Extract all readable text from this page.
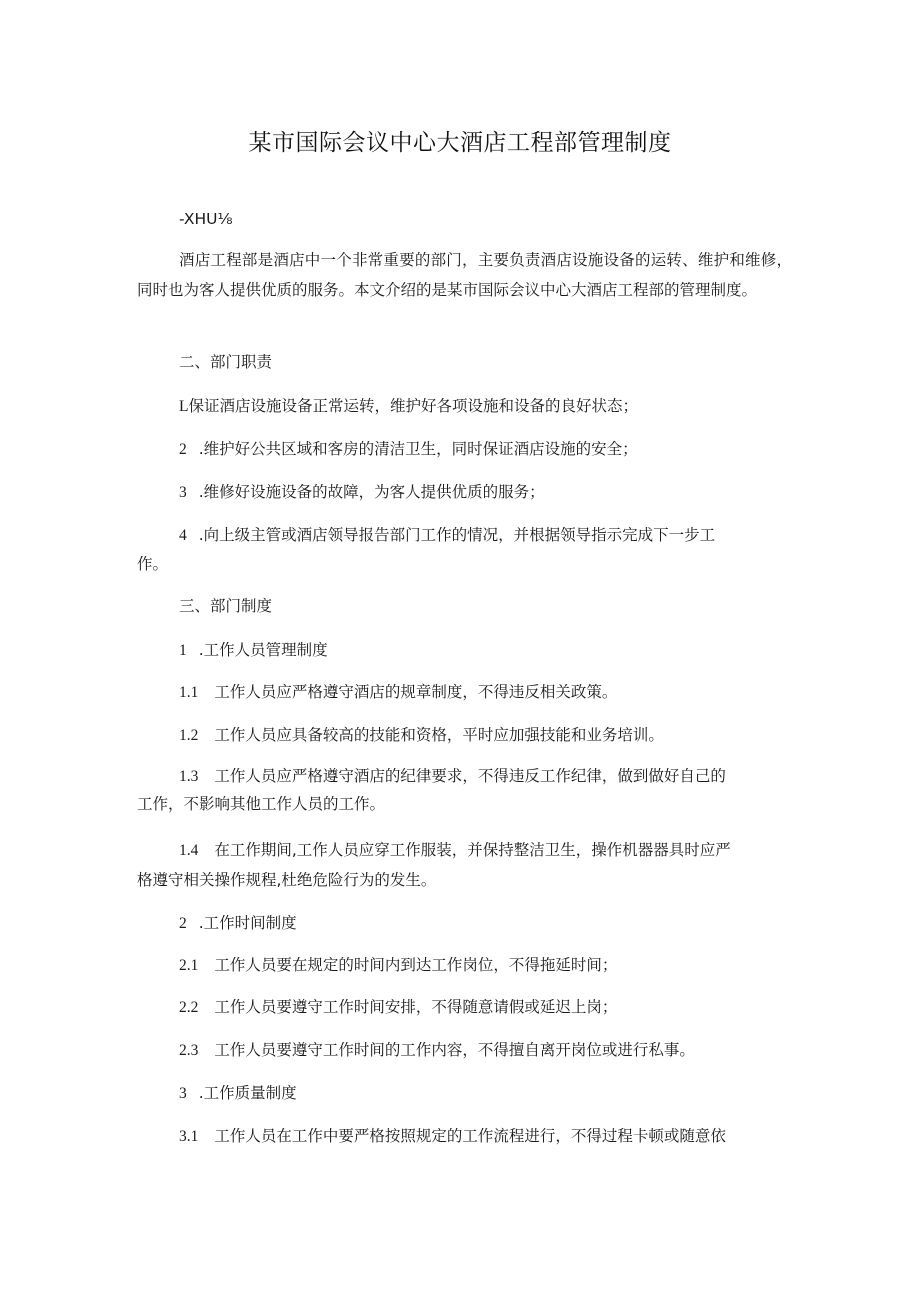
某市国际会议中心大酒店工程部管理制度
-XHU⅛
酒店工程部是酒店中一个非常重要的部门，主要负责酒店设施设备的运转、维护和维修，同时也为客人提供优质的服务。本文介绍的是某市国际会议中心大酒店工程部的管理制度。
二、部门职责
L保证酒店设施设备正常运转，维护好各项设施和设备的良好状态；
2 .维护好公共区域和客房的清洁卫生，同时保证酒店设施的安全；
3 .维修好设施设备的故障，为客人提供优质的服务；
4 .向上级主管或酒店领导报告部门工作的情况，并根据领导指示完成下一步工
作。
三、部门制度
1 .工作人员管理制度
1.1 工作人员应严格遵守酒店的规章制度，不得违反相关政策。
1.2 工作人员应具备较高的技能和资格，平时应加强技能和业务培训。
1.3 工作人员应严格遵守酒店的纪律要求，不得违反工作纪律，做到做好自己的
工作，不影响其他工作人员的工作。
1.4 在工作期间,工作人员应穿工作服装，并保持整洁卫生，操作机器器具时应严
格遵守相关操作规程,杜绝危险行为的发生。
2 .工作时间制度
2.1 工作人员要在规定的时间内到达工作岗位，不得拖延时间；
2.2 工作人员要遵守工作时间安排，不得随意请假或延迟上岗；
2.3 工作人员要遵守工作时间的工作内容，不得擅自离开岗位或进行私事。
3 .工作质量制度
3.1 工作人员在工作中要严格按照规定的工作流程进行，不得过程卡顿或随意依
